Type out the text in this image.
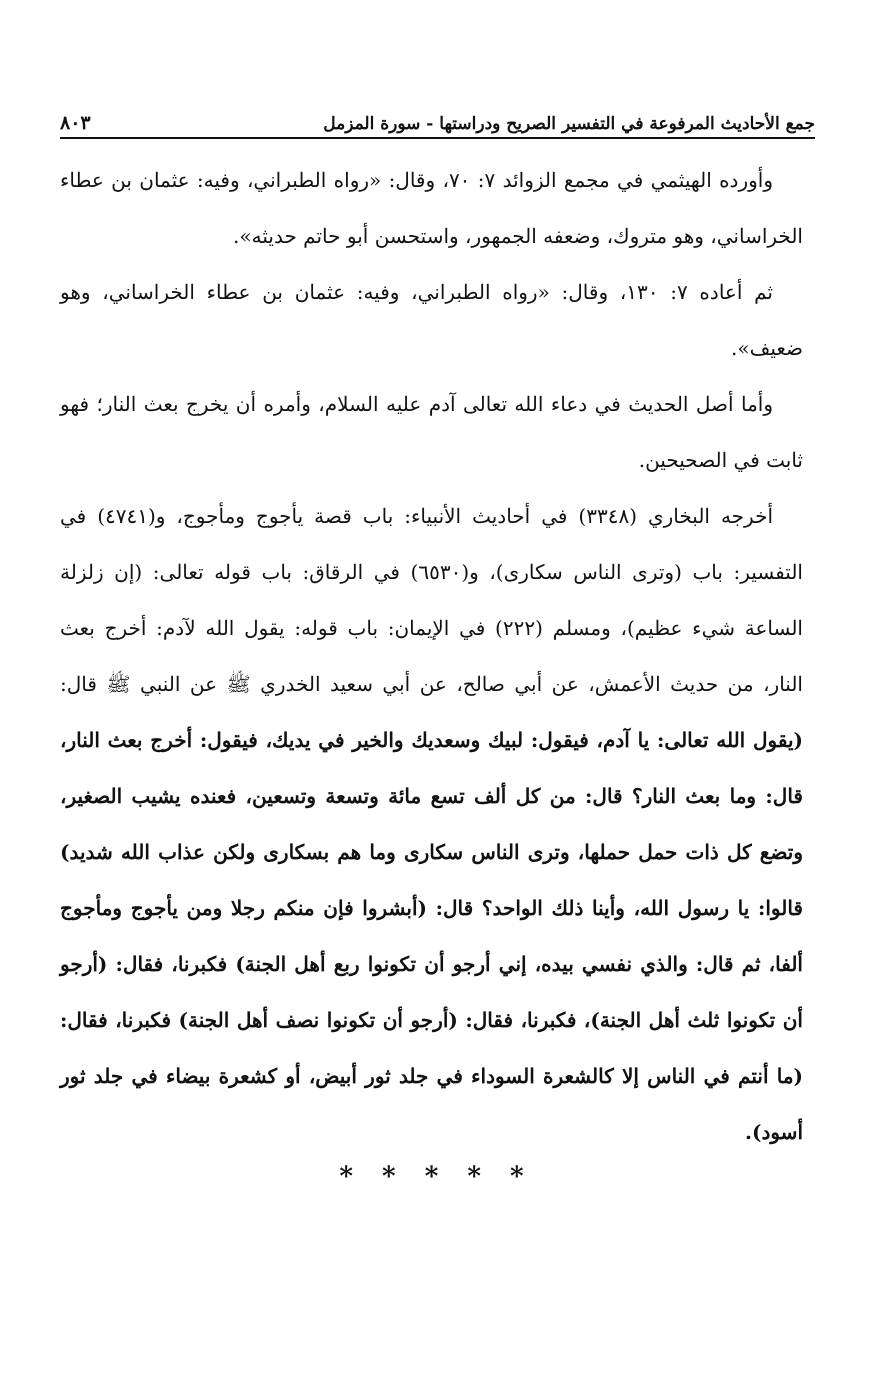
جمع الأحاديث المرفوعة في التفسير الصريح ودراستها - سورة المزمل
٨٠٣

وأورده الهيثمي في مجمع الزوائد ٧: ٧٠، وقال: «رواه الطبراني، وفيه: عثمان بن عطاء الخراساني، وهو متروك، وضعفه الجمهور، واستحسن أبو حاتم حديثه».

ثم أعاده ٧: ١٣٠، وقال: «رواه الطبراني، وفيه: عثمان بن عطاء الخراساني، وهو ضعيف».

وأما أصل الحديث في دعاء الله تعالى آدم عليه السلام، وأمره أن يخرج بعث النار؛ فهو ثابت في الصحيحين.

أخرجه البخاري (٣٣٤٨) في أحاديث الأنبياء: باب قصة يأجوج ومأجوج، و(٤٧٤١) في التفسير: باب (وترى الناس سكارى)، و(٦٥٣٠) في الرقاق: باب قوله تعالى: (إن زلزلة الساعة شيء عظيم)، ومسلم (٢٢٢) في الإيمان: باب قوله: يقول الله لآدم: أخرج بعث النار، من حديث الأعمش، عن أبي صالح، عن أبي سعيد الخدري ﷺ عن النبي ﷺ قال: (يقول الله تعالى: يا آدم، فيقول: لبيك وسعديك والخير في يديك، فيقول: أخرج بعث النار، قال: وما بعث النار؟ قال: من كل ألف تسع مائة وتسعة وتسعين، فعنده يشيب الصغير، وتضع كل ذات حمل حملها، وترى الناس سكارى وما هم بسكارى ولكن عذاب الله شديد) قالوا: يا رسول الله، وأينا ذلك الواحد؟ قال: (أبشروا فإن منكم رجلا ومن يأجوج ومأجوج ألفا، ثم قال: والذي نفسي بيده، إني أرجو أن تكونوا ربع أهل الجنة) فكبرنا، فقال: (أرجو أن تكونوا ثلث أهل الجنة)، فكبرنا، فقال: (أرجو أن تكونوا نصف أهل الجنة) فكبرنا، فقال: (ما أنتم في الناس إلا كالشعرة السوداء في جلد ثور أبيض، أو كشعرة بيضاء في جلد ثور أسود).

* * * * *
